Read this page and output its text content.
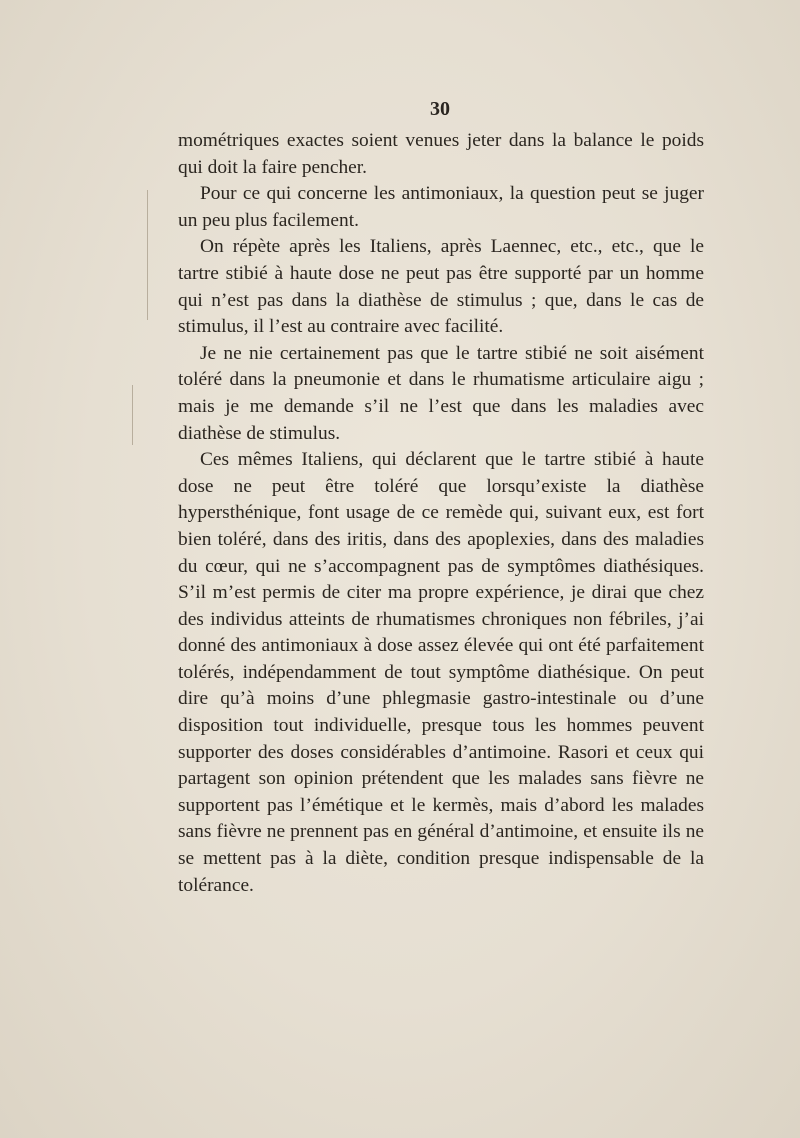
30

mométriques exactes soient venues jeter dans la balance le poids qui doit la faire pencher.

Pour ce qui concerne les antimoniaux, la question peut se juger un peu plus facilement.

On répète après les Italiens, après Laennec, etc., etc., que le tartre stibié à haute dose ne peut pas être supporté par un homme qui n’est pas dans la diathèse de stimulus ; que, dans le cas de stimulus, il l’est au contraire avec facilité.

Je ne nie certainement pas que le tartre stibié ne soit aisément toléré dans la pneumonie et dans le rhumatisme articulaire aigu ; mais je me demande s’il ne l’est que dans les maladies avec diathèse de stimulus.

Ces mêmes Italiens, qui déclarent que le tartre stibié à haute dose ne peut être toléré que lorsqu’existe la diathèse hypersthénique, font usage de ce remède qui, suivant eux, est fort bien toléré, dans des iritis, dans des apoplexies, dans des maladies du cœur, qui ne s’accompagnent pas de symptômes diathésiques. S’il m’est permis de citer ma propre expérience, je dirai que chez des individus atteints de rhumatismes chroniques non fébriles, j’ai donné des antimoniaux à dose assez élevée qui ont été parfaitement tolérés, indépendamment de tout symptôme diathésique. On peut dire qu’à moins d’une phlegmasie gastro-intestinale ou d’une disposition tout individuelle, presque tous les hommes peuvent supporter des doses considérables d’antimoine. Rasori et ceux qui partagent son opinion prétendent que les malades sans fièvre ne supportent pas l’émétique et le kermès, mais d’abord les malades sans fièvre ne prennent pas en général d’antimoine, et ensuite ils ne se mettent pas à la diète, condition presque indispensable de la tolérance.
